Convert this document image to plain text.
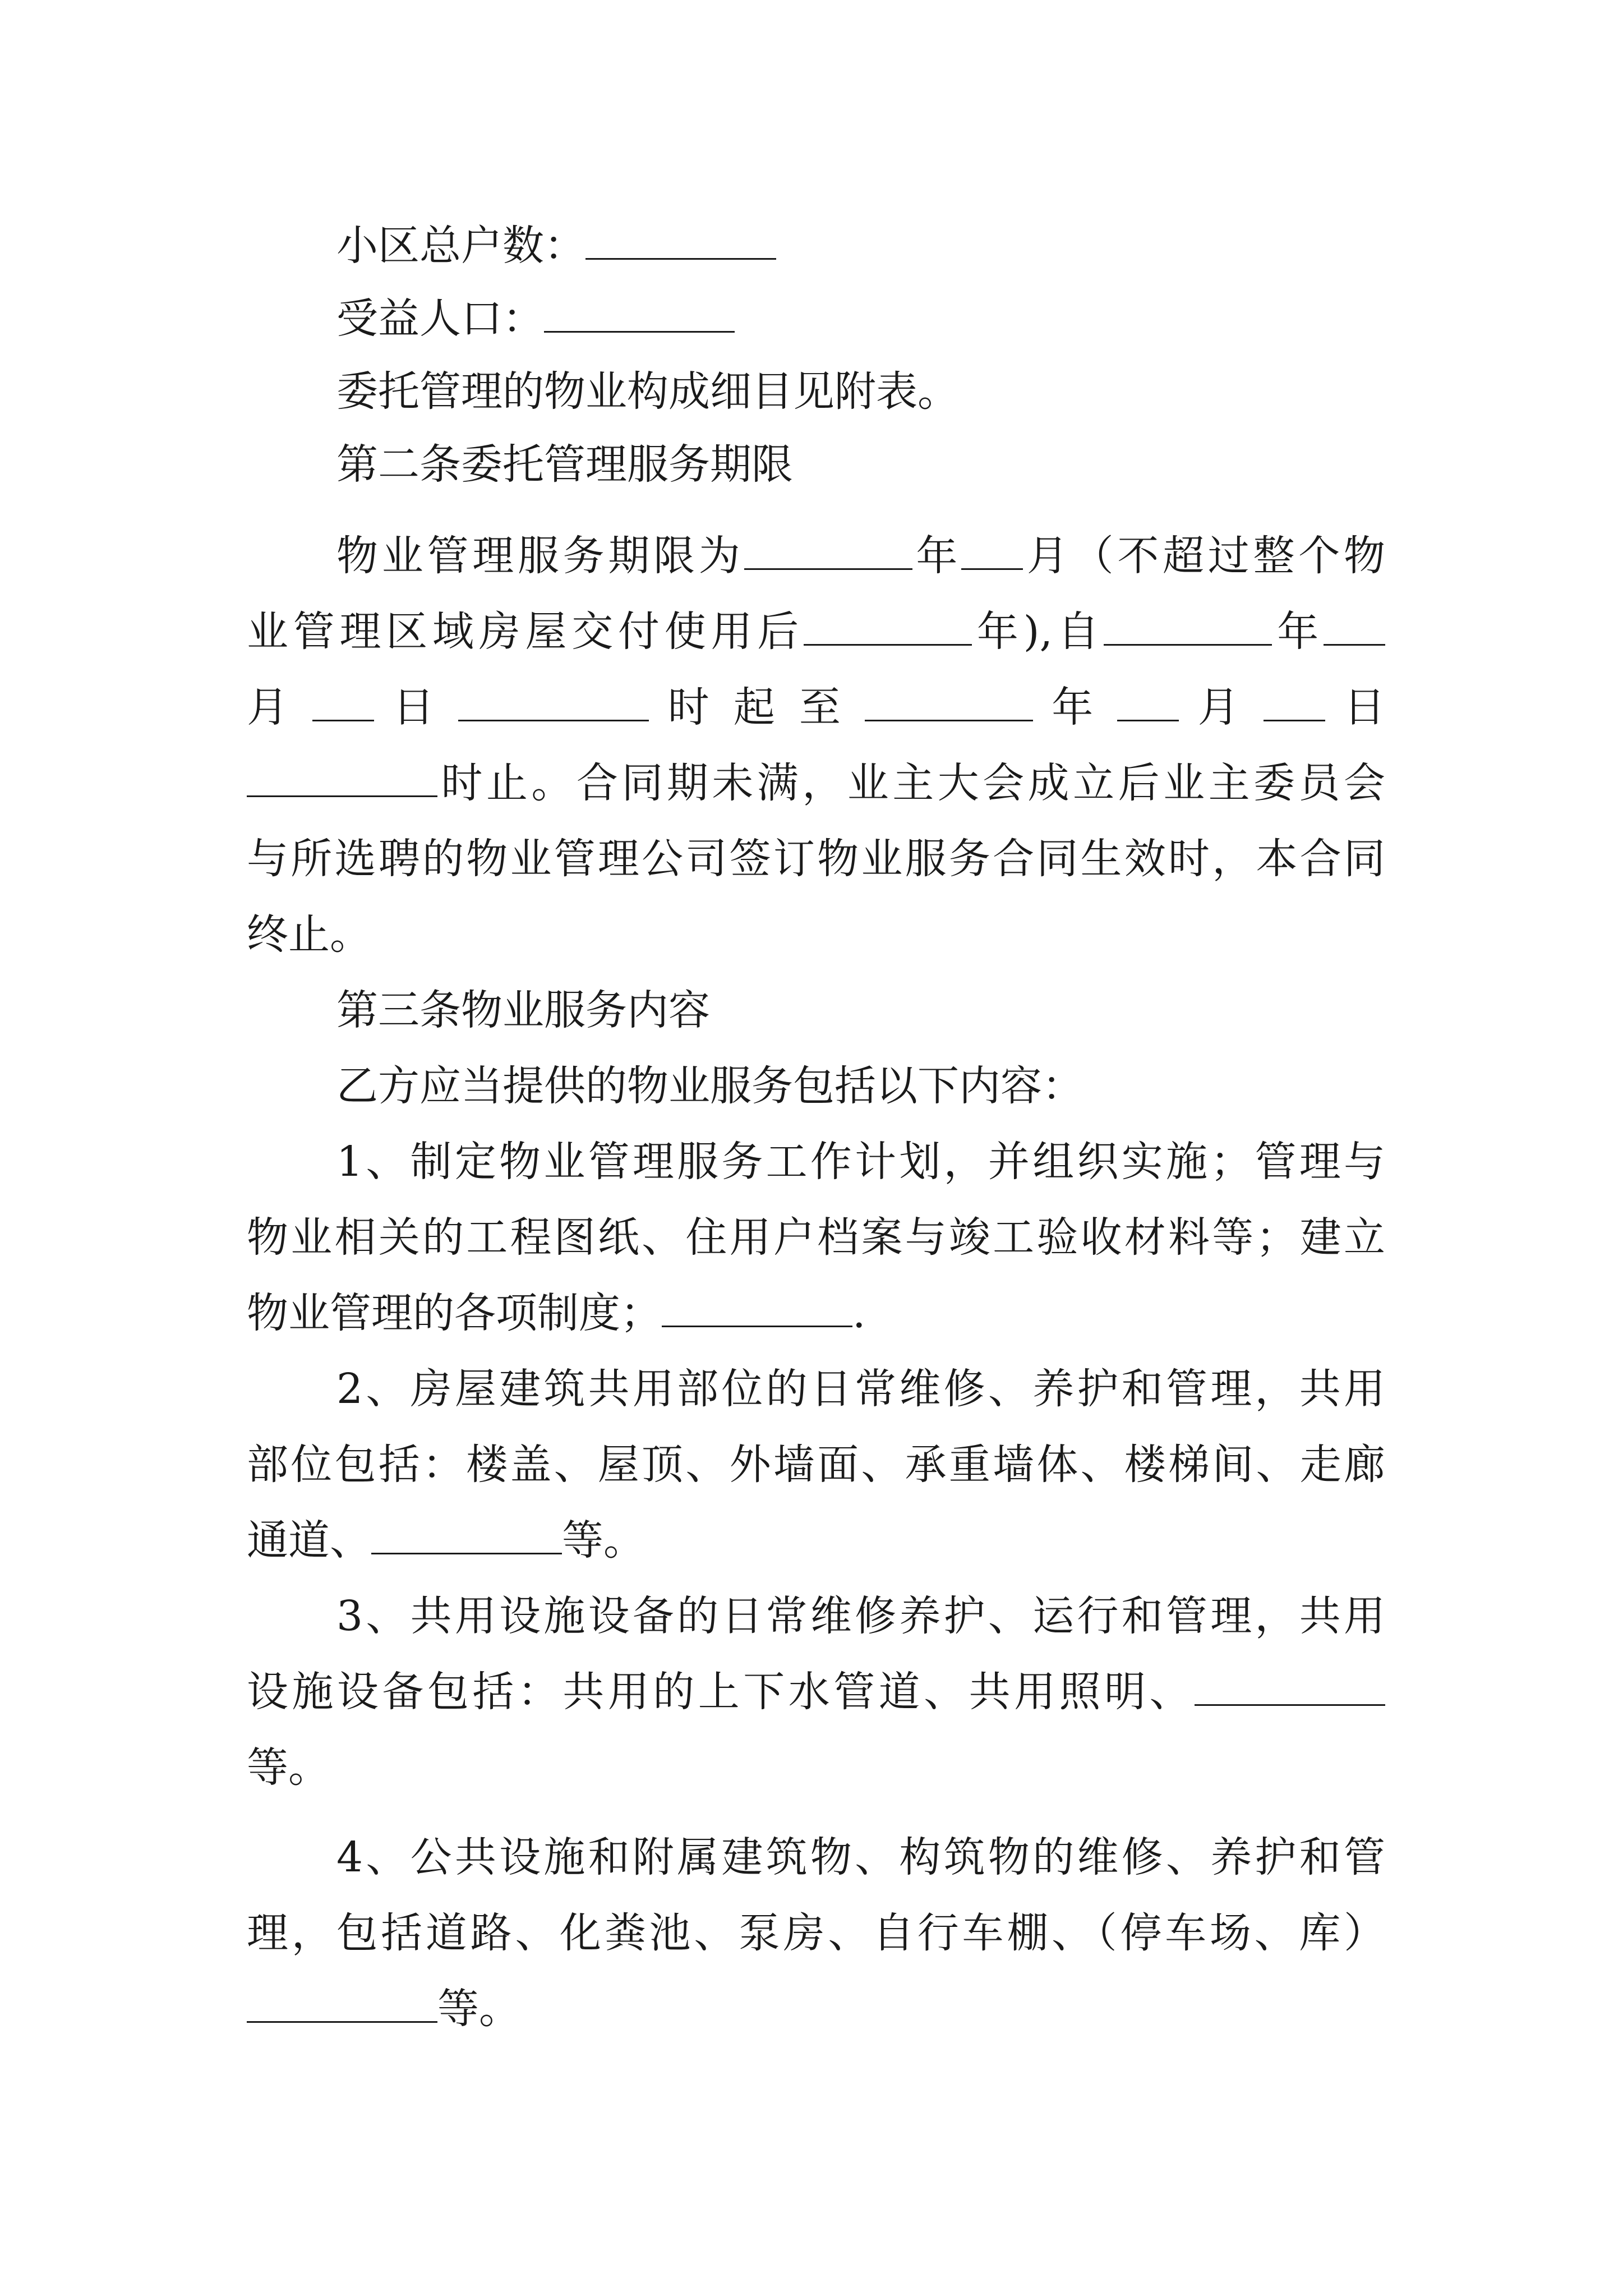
小区总户数：
受益人口：
委托管理的物业构成细目见附表。
第二条委托管理服务期限
物业管理服务期限为	年 月（不超过整个物
业管理区域房屋交付使用后	年),自	年
月 日	时 起 至	年 月 日
时止。合同期未满，业主大会成立后业主委员会
与所选聘的物业管理公司签订物业服务合同生效时，本合同
终止。
第三条物业服务内容
乙方应当提供的物业服务包括以下内容：
1、制定物业管理服务工作计划，并组织实施；管理与
物业相关的工程图纸、住用户档案与竣工验收材料等；建立
物业管理的各项制度；	.
2、房屋建筑共用部位的日常维修、养护和管理，共用
部位包括：楼盖、屋顶、外墙面、承重墙体、楼梯间、走廊
通道、	等。
3、共用设施设备的日常维修养护、运行和管理，共用
设施设备包括：共用的上下水管道、共用照明、
等。
4、公共设施和附属建筑物、构筑物的维修、养护和管
理，包括道路、化粪池、泵房、自行车棚、（停车场、库）
等。
